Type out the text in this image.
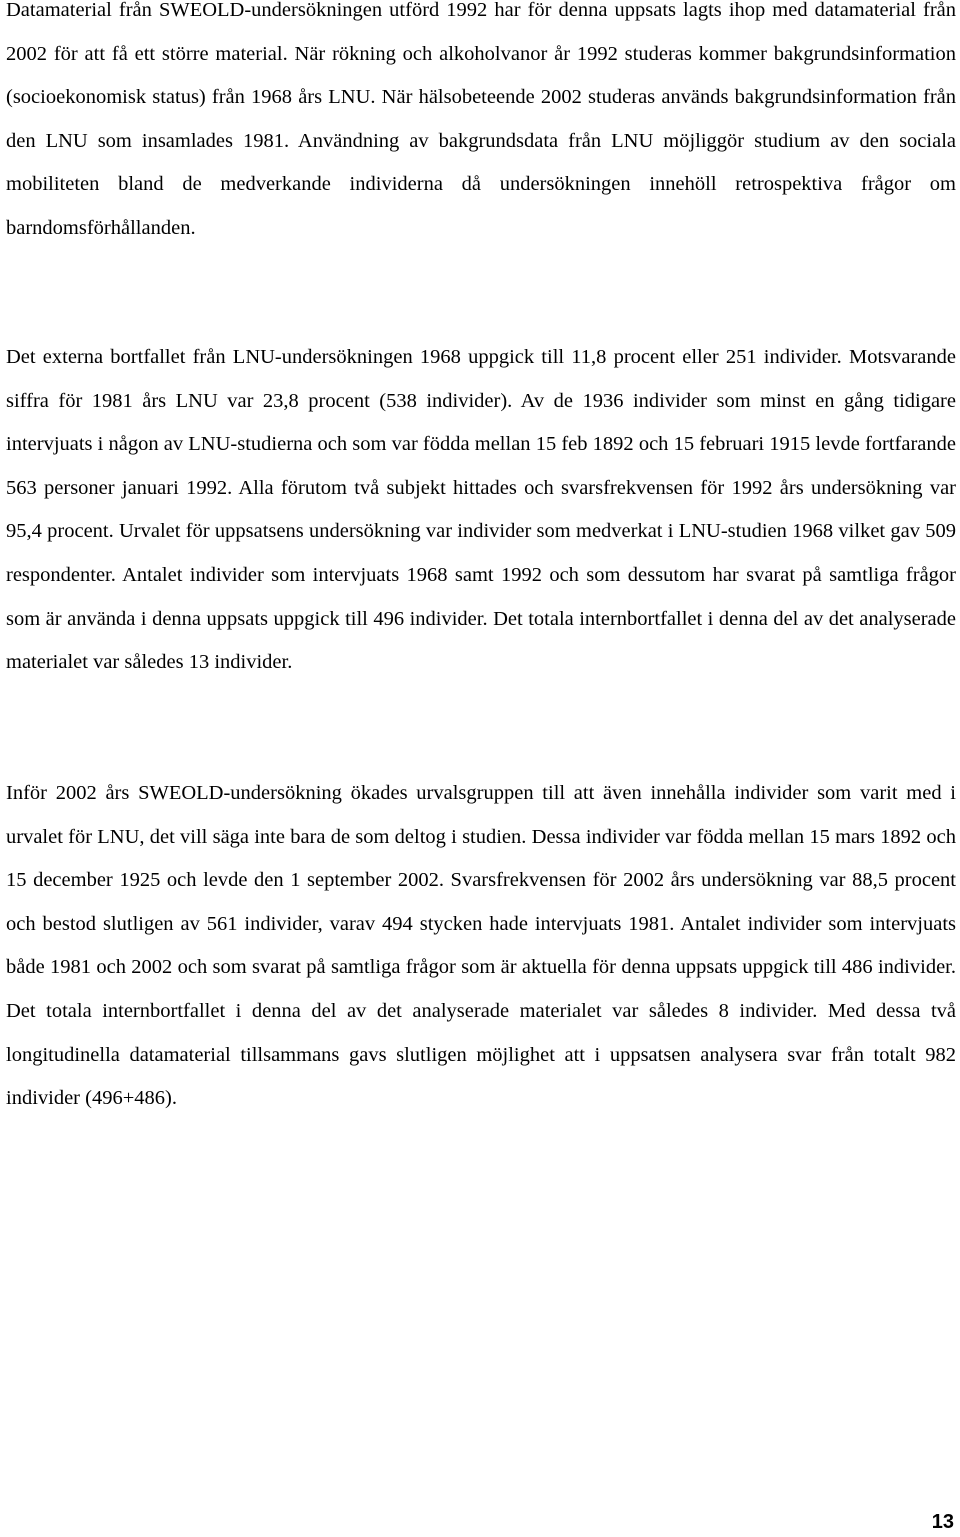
Datamaterial från SWEOLD-undersökningen utförd 1992 har för denna uppsats lagts ihop med datamaterial från 2002 för att få ett större material. När rökning och alkoholvanor år 1992 studeras kommer bakgrundsinformation (socioekonomisk status) från 1968 års LNU. När hälsobeteende 2002 studeras används bakgrundsinformation från den LNU som insamlades 1981. Användning av bakgrundsdata från LNU möjliggör studium av den sociala mobiliteten bland de medverkande individerna då undersökningen innehöll retrospektiva frågor om barndomsförhållanden.

Det externa bortfallet från LNU-undersökningen 1968 uppgick till 11,8 procent eller 251 individer. Motsvarande siffra för 1981 års LNU var 23,8 procent (538 individer). Av de 1936 individer som minst en gång tidigare intervjuats i någon av LNU-studierna och som var födda mellan 15 feb 1892 och 15 februari 1915 levde fortfarande 563 personer januari 1992. Alla förutom två subjekt hittades och svarsfrekvensen för 1992 års undersökning var 95,4 procent. Urvalet för uppsatsens undersökning var individer som medverkat i LNU-studien 1968 vilket gav 509 respondenter. Antalet individer som intervjuats 1968 samt 1992 och som dessutom har svarat på samtliga frågor som är använda i denna uppsats uppgick till 496 individer. Det totala internbortfallet i denna del av det analyserade materialet var således 13 individer.

Inför 2002 års SWEOLD-undersökning ökades urvalsgruppen till att även innehålla individer som varit med i urvalet för LNU, det vill säga inte bara de som deltog i studien. Dessa individer var födda mellan 15 mars 1892 och 15 december 1925 och levde den 1 september 2002. Svarsfrekvensen för 2002 års undersökning var 88,5 procent och bestod slutligen av 561 individer, varav 494 stycken hade intervjuats 1981. Antalet individer som intervjuats både 1981 och 2002 och som svarat på samtliga frågor som är aktuella för denna uppsats uppgick till 486 individer. Det totala internbortfallet i denna del av det analyserade materialet var således 8 individer. Med dessa två longitudinella datamaterial tillsammans gavs slutligen möjlighet att i uppsatsen analysera svar från totalt 982 individer (496+486).

13
